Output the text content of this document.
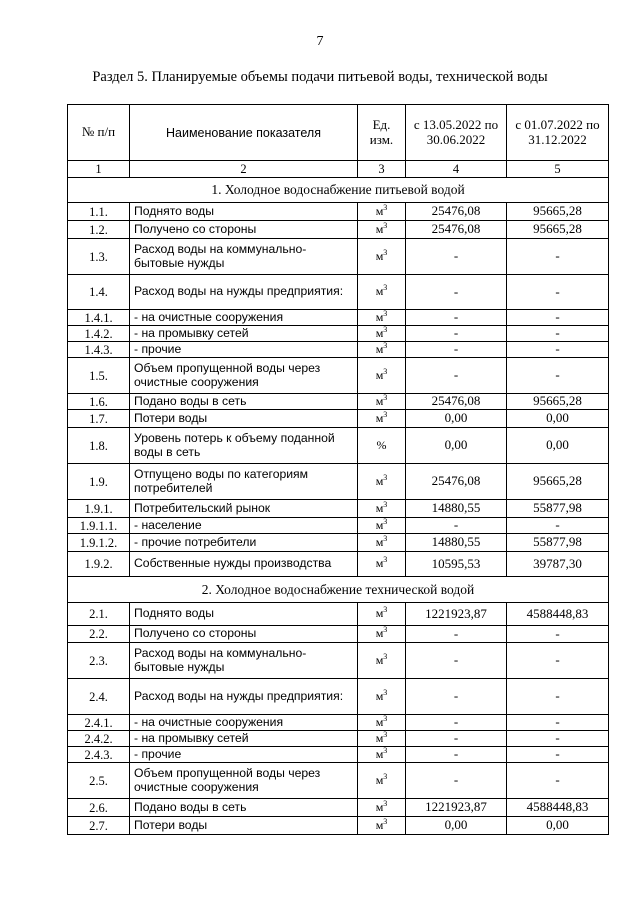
7
Раздел 5. Планируемые объемы подачи питьевой воды, технической воды
№ п/п	Наименование показателя	Ед. изм.	с 13.05.2022 по 30.06.2022	с 01.07.2022 по 31.12.2022
1	2	3	4	5
1. Холодное водоснабжение питьевой водой				
1.1.	Поднято воды	$м^3$	25476,08	95665,28
1.2.	Получено со стороны	$м^3$	25476,08	95665,28
1.3.	Расход воды на коммунально-бытовые нужды	$м^3$	-	-
1.4.	Расход воды на нужды предприятия:	$м^3$	-	-
1.4.1.	- на очистные сооружения	$м^3$	-	-
1.4.2.	- на промывку сетей	$м^3$	-	-
1.4.3.	- прочие	$м^3$	-	-
1.5.	Объем пропущенной воды через очистные сооружения	$м^3$	-	-
1.6.	Подано воды в сеть	$м^3$	25476,08	95665,28
1.7.	Потери воды	$м^3$	0,00	0,00
1.8.	Уровень потерь к объему поданной воды в сеть	%	0,00	0,00
1.9.	Отпущено воды по категориям потребителей	$м^3$	25476,08	95665,28
1.9.1.	Потребительский рынок	$м^3$	14880,55	55877,98
1.9.1.1.	- население	$м^3$	-	-
1.9.1.2.	- прочие потребители	$м^3$	14880,55	55877,98
1.9.2.	Собственные нужды производства	$м^3$	10595,53	39787,30
2. Холодное водоснабжение технической водой				
2.1.	Поднято воды	$м^3$	1221923,87	4588448,83
2.2.	Получено со стороны	$м^3$	-	-
2.3.	Расход воды на коммунально-бытовые нужды	$м^3$	-	-
2.4.	Расход воды на нужды предприятия:	$м^3$	-	-
2.4.1.	- на очистные сооружения	$м^3$	-	-
2.4.2.	- на промывку сетей	$м^3$	-	-
2.4.3.	- прочие	$м^3$	-	-
2.5.	Объем пропущенной воды через очистные сооружения	$м^3$	-	-
2.6.	Подано воды в сеть	$м^3$	1221923,87	4588448,83
2.7.	Потери воды	$м^3$	0,00	0,00
